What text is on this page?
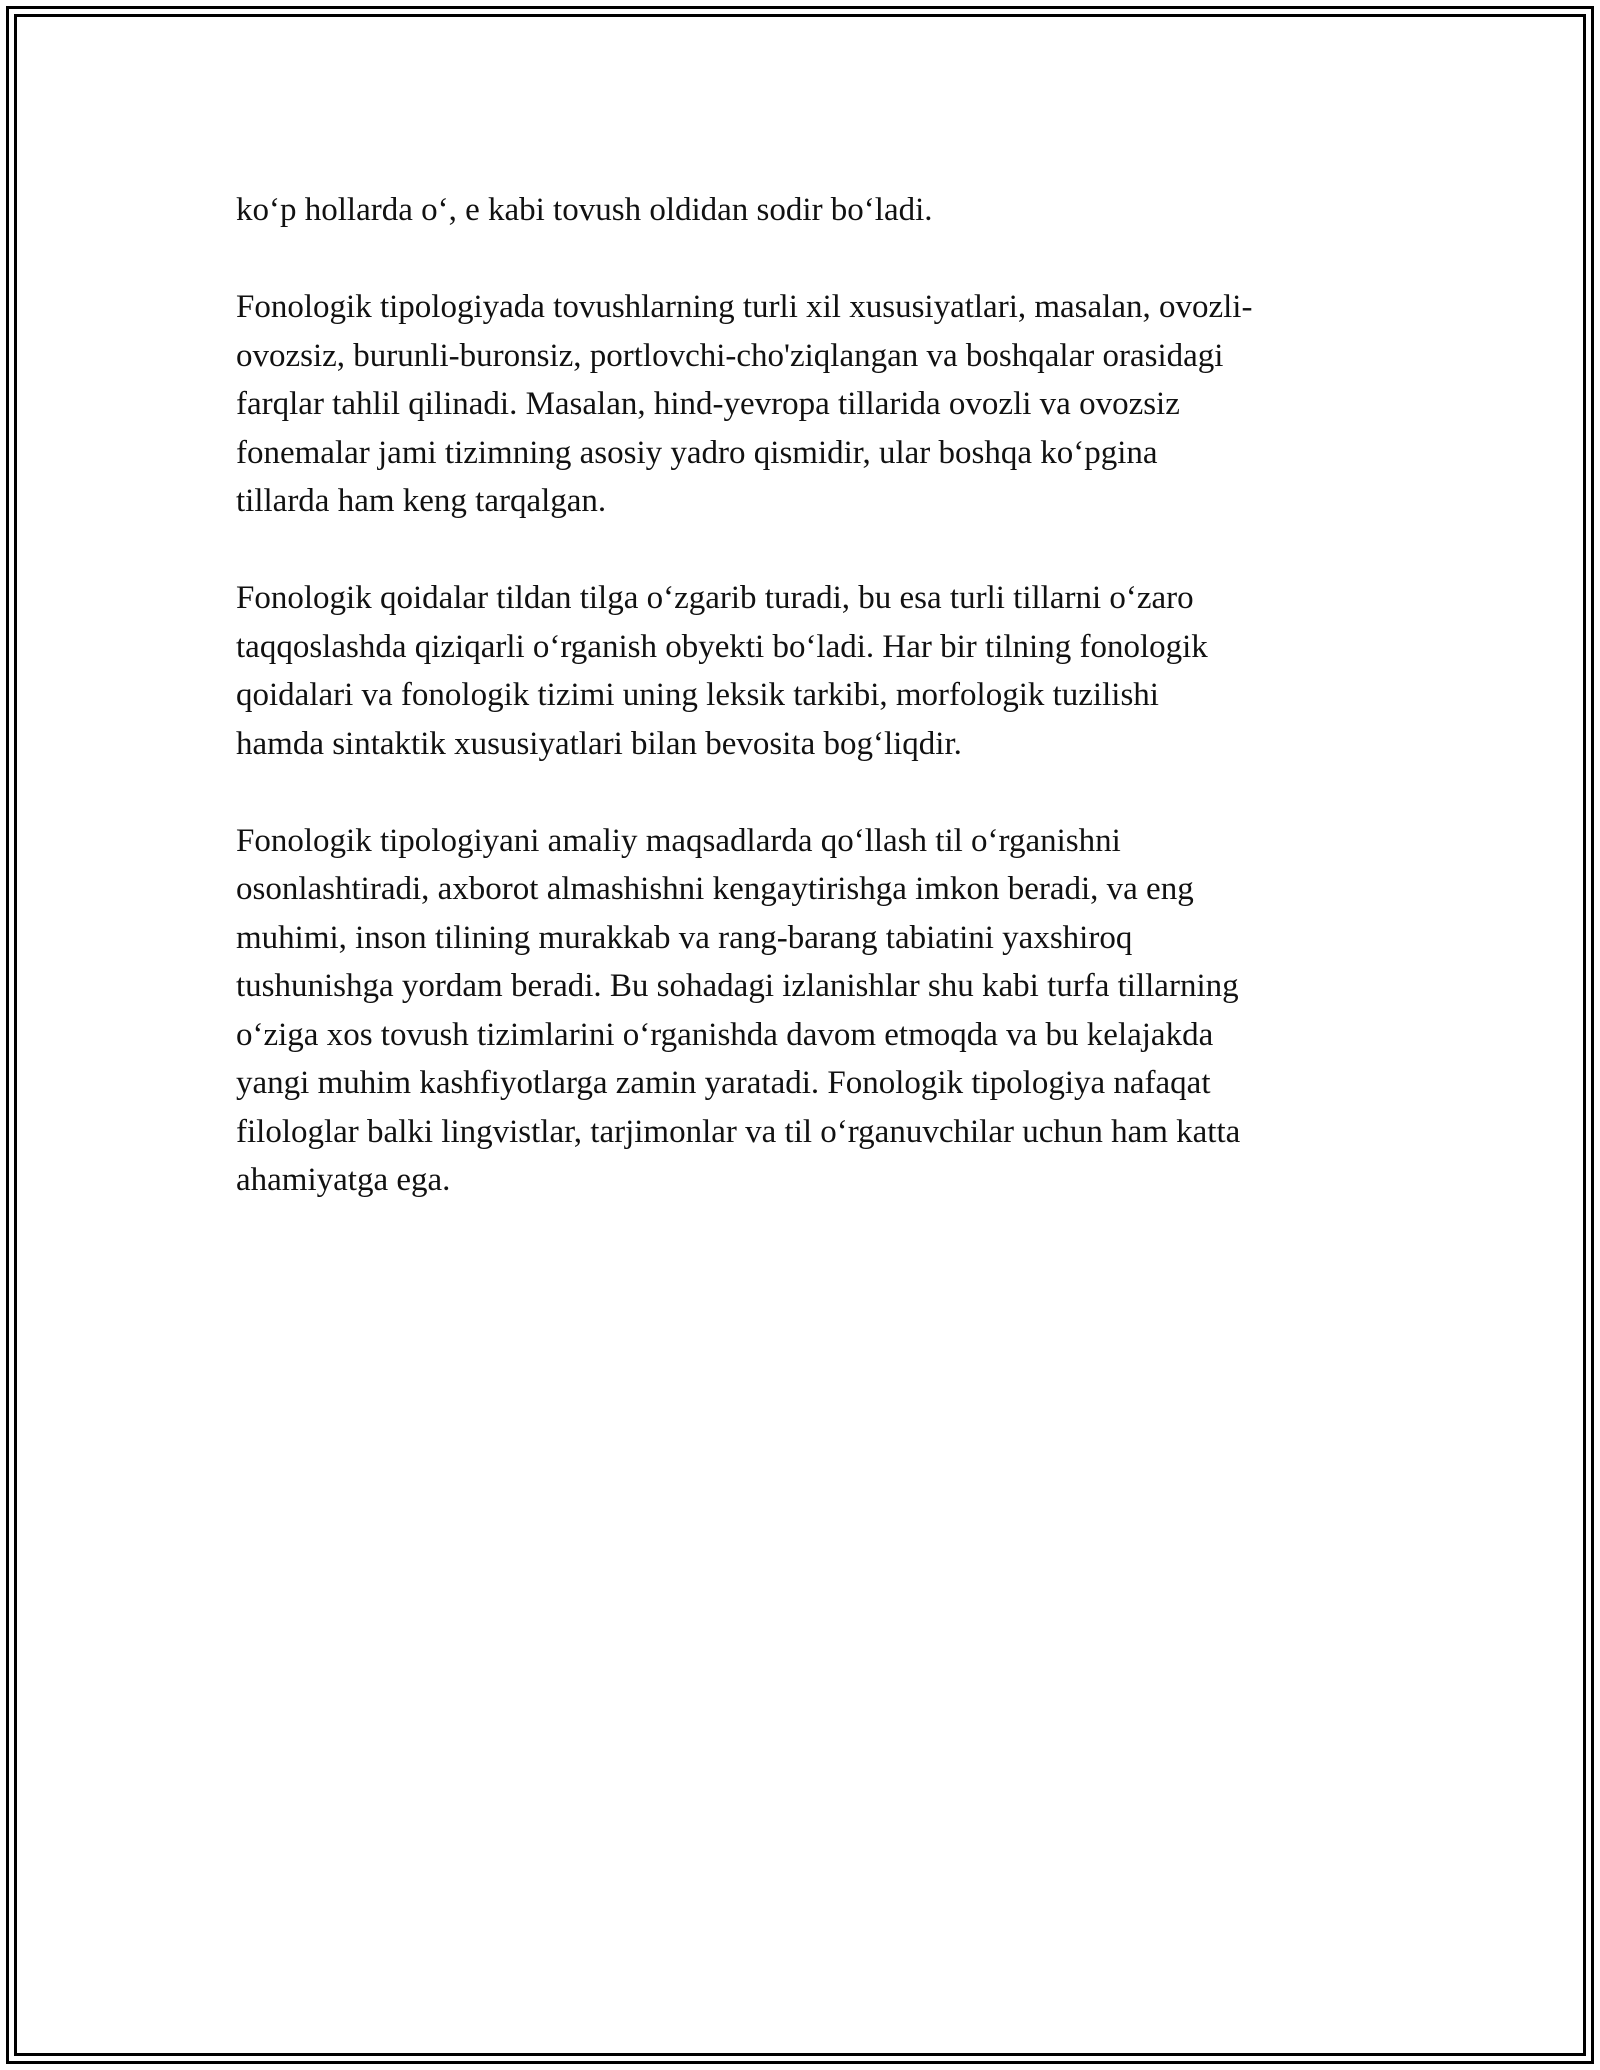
ko‘p hollarda o‘, e kabi tovush oldidan sodir bo‘ladi.

Fonologik tipologiyada tovushlarning turli xil xususiyatlari, masalan, ovozli-
ovozsiz, burunli-buronsiz, portlovchi-cho'ziqlangan va boshqalar orasidagi
farqlar tahlil qilinadi. Masalan, hind-yevropa tillarida ovozli va ovozsiz
fonemalar jami tizimning asosiy yadro qismidir, ular boshqa ko‘pgina
tillarda ham keng tarqalgan.

Fonologik qoidalar tildan tilga o‘zgarib turadi, bu esa turli tillarni o‘zaro
taqqoslashda qiziqarli o‘rganish obyekti bo‘ladi. Har bir tilning fonologik
qoidalari va fonologik tizimi uning leksik tarkibi, morfologik tuzilishi
hamda sintaktik xususiyatlari bilan bevosita bog‘liqdir.

Fonologik tipologiyani amaliy maqsadlarda qo‘llash til o‘rganishni
osonlashtiradi, axborot almashishni kengaytirishga imkon beradi, va eng
muhimi, inson tilining murakkab va rang-barang tabiatini yaxshiroq
tushunishga yordam beradi. Bu sohadagi izlanishlar shu kabi turfa tillarning
o‘ziga xos tovush tizimlarini o‘rganishda davom etmoqda va bu kelajakda
yangi muhim kashfiyotlarga zamin yaratadi. Fonologik tipologiya nafaqat
filologlar balki lingvistlar, tarjimonlar va til o‘rganuvchilar uchun ham katta
ahamiyatga ega.
